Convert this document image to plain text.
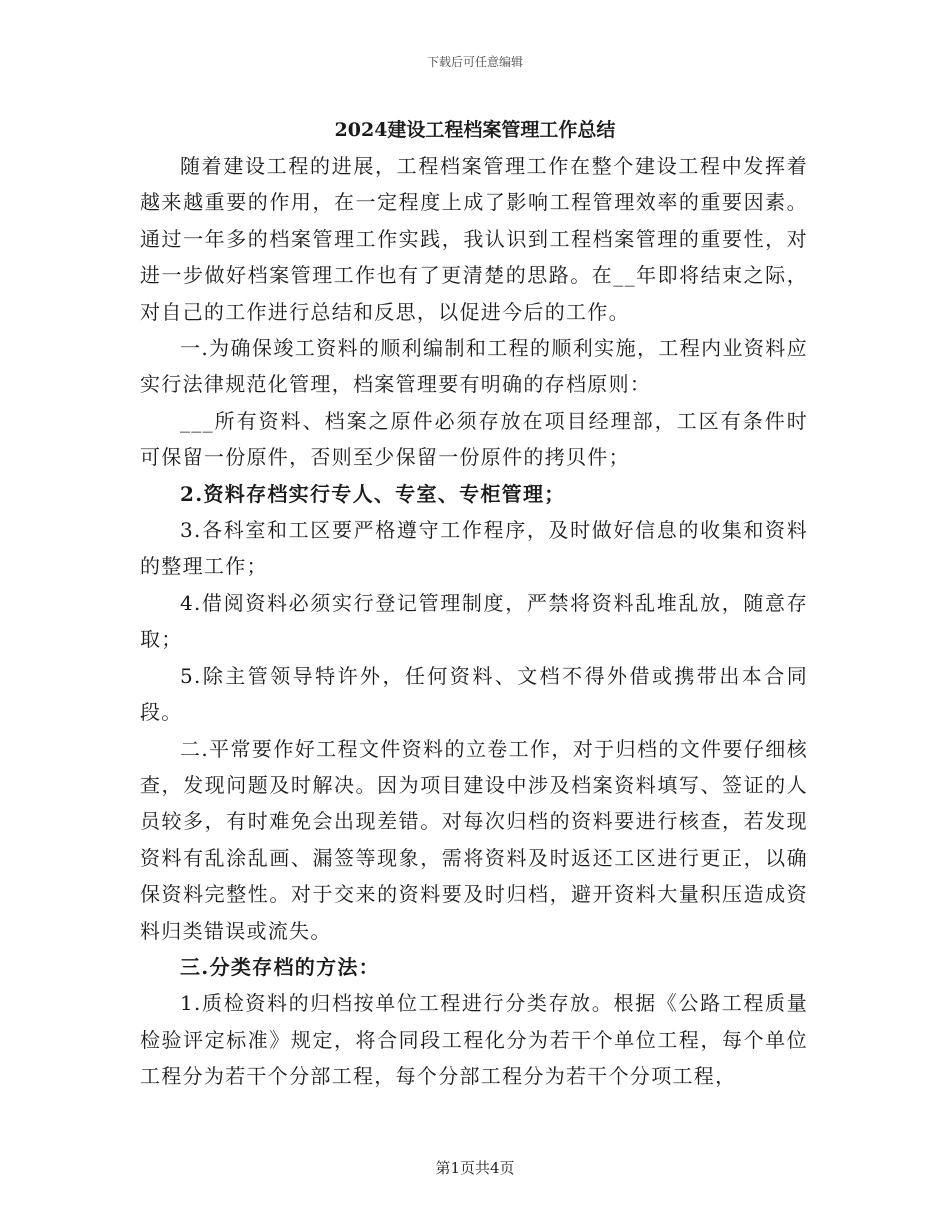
下载后可任意编辑
2024建设工程档案管理工作总结

随着建设工程的进展，工程档案管理工作在整个建设工程中发挥着越来越重要的作用，在一定程度上成了影响工程管理效率的重要因素。通过一年多的档案管理工作实践，我认识到工程档案管理的重要性，对进一步做好档案管理工作也有了更清楚的思路。在__年即将结束之际，对自己的工作进行总结和反思，以促进今后的工作。

一.为确保竣工资料的顺利编制和工程的顺利实施，工程内业资料应实行法律规范化管理，档案管理要有明确的存档原则：

___所有资料、档案之原件必须存放在项目经理部，工区有条件时可保留一份原件，否则至少保留一份原件的拷贝件；

2.资料存档实行专人、专室、专柜管理；

3.各科室和工区要严格遵守工作程序，及时做好信息的收集和资料的整理工作；

4.借阅资料必须实行登记管理制度，严禁将资料乱堆乱放，随意存取；

5.除主管领导特许外，任何资料、文档不得外借或携带出本合同段。

二.平常要作好工程文件资料的立卷工作，对于归档的文件要仔细核查，发现问题及时解决。因为项目建设中涉及档案资料填写、签证的人员较多，有时难免会出现差错。对每次归档的资料要进行核查，若发现资料有乱涂乱画、漏签等现象，需将资料及时返还工区进行更正，以确保资料完整性。对于交来的资料要及时归档，避开资料大量积压造成资料归类错误或流失。

三.分类存档的方法：

1.质检资料的归档按单位工程进行分类存放。根据《公路工程质量检验评定标准》规定，将合同段工程化分为若干个单位工程，每个单位工程分为若干个分部工程，每个分部工程分为若干个分项工程，

第1页共4页
